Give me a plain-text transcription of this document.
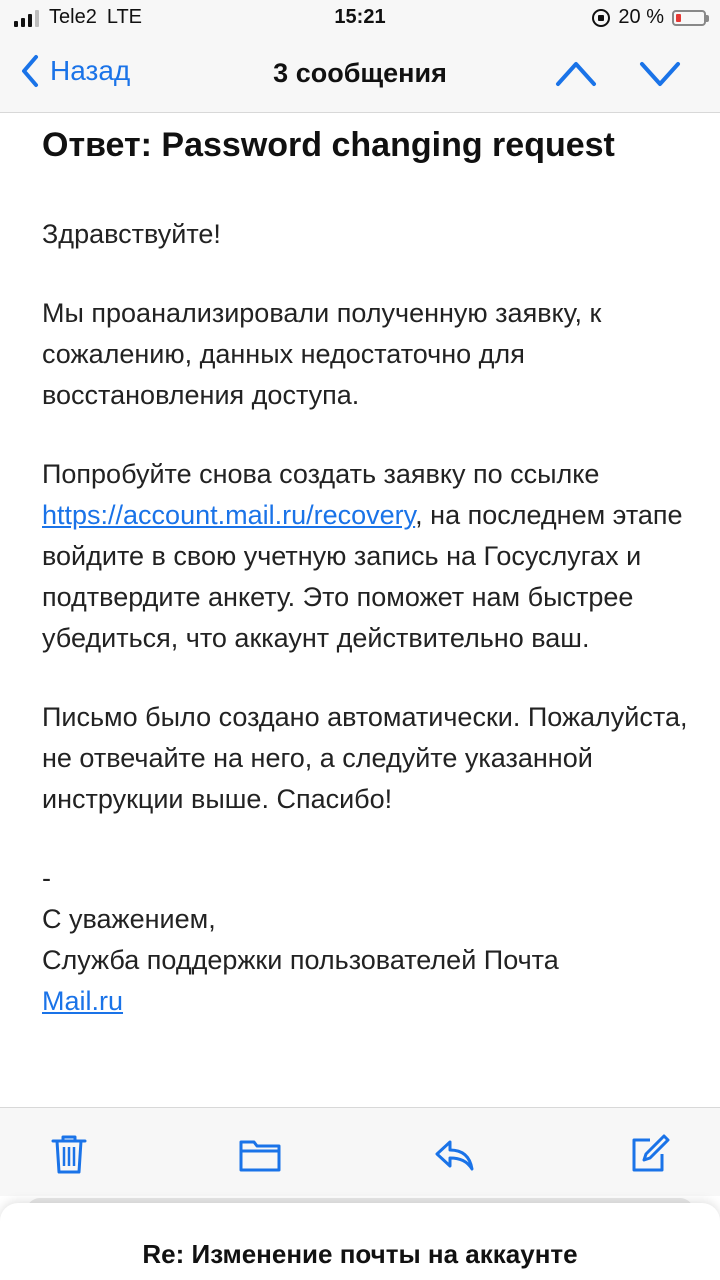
Tele2 LTE	15:21	20 %
Назад	3 сообщения
Ответ: Password changing request

Здравствуйте!

Мы проанализировали полученную заявку, к сожалению, данных недостаточно для восстановления доступа.

Попробуйте снова создать заявку по ссылке https://account.mail.ru/recovery, на последнем этапе войдите в свою учетную запись на Госуслугах и подтвердите анкету. Это поможет нам быстрее убедиться, что аккаунт действительно ваш.

Письмо было создано автоматически. Пожалуйста, не отвечайте на него, а следуйте указанной инструкции выше. Спасибо!

-

С уважением,

Служба поддержки пользователей Почта
Mail.ru

Re: Изменение почты на аккаунте
